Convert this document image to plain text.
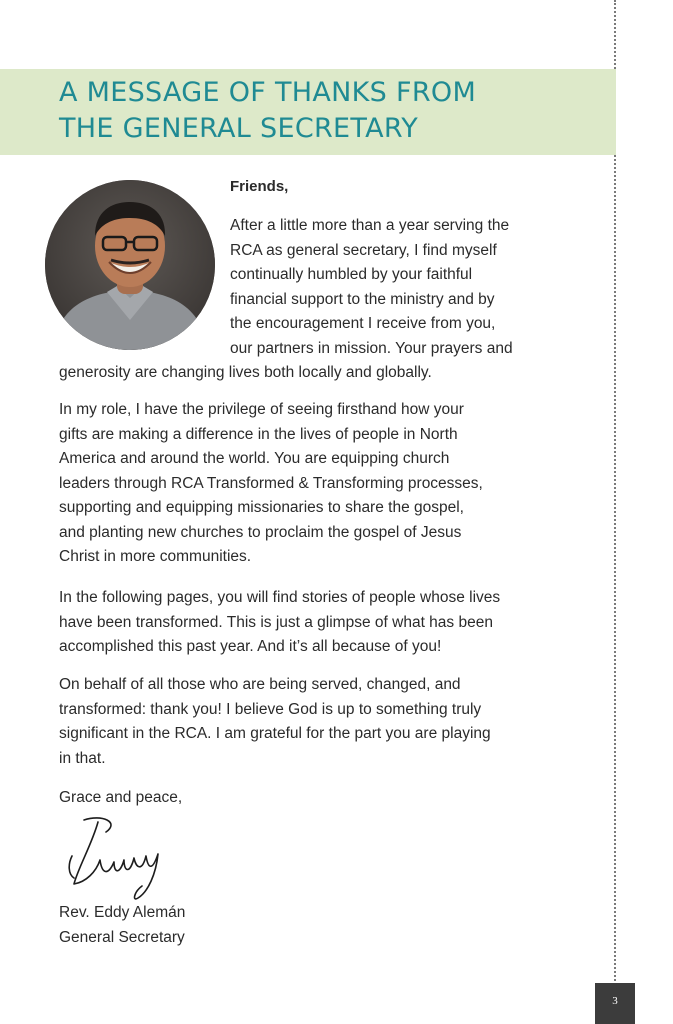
A MESSAGE OF THANKS FROM
THE GENERAL SECRETARY

Friends,

After a little more than a year serving the
RCA as general secretary, I find myself
continually humbled by your faithful
financial support to the ministry and by
the encouragement I receive from you,
our partners in mission. Your prayers and

generosity are changing lives both locally and globally.

In my role, I have the privilege of seeing firsthand how your
gifts are making a difference in the lives of people in North
America and around the world. You are equipping church
leaders through RCA Transformed & Transforming processes,
supporting and equipping missionaries to share the gospel,
and planting new churches to proclaim the gospel of Jesus
Christ in more communities.

In the following pages, you will find stories of people whose lives
have been transformed. This is just a glimpse of what has been
accomplished this past year. And it’s all because of you!

On behalf of all those who are being served, changed, and
transformed: thank you! I believe God is up to something truly
significant in the RCA. I am grateful for the part you are playing
in that.

Grace and peace,

Rev. Eddy Alemán
General Secretary

3
